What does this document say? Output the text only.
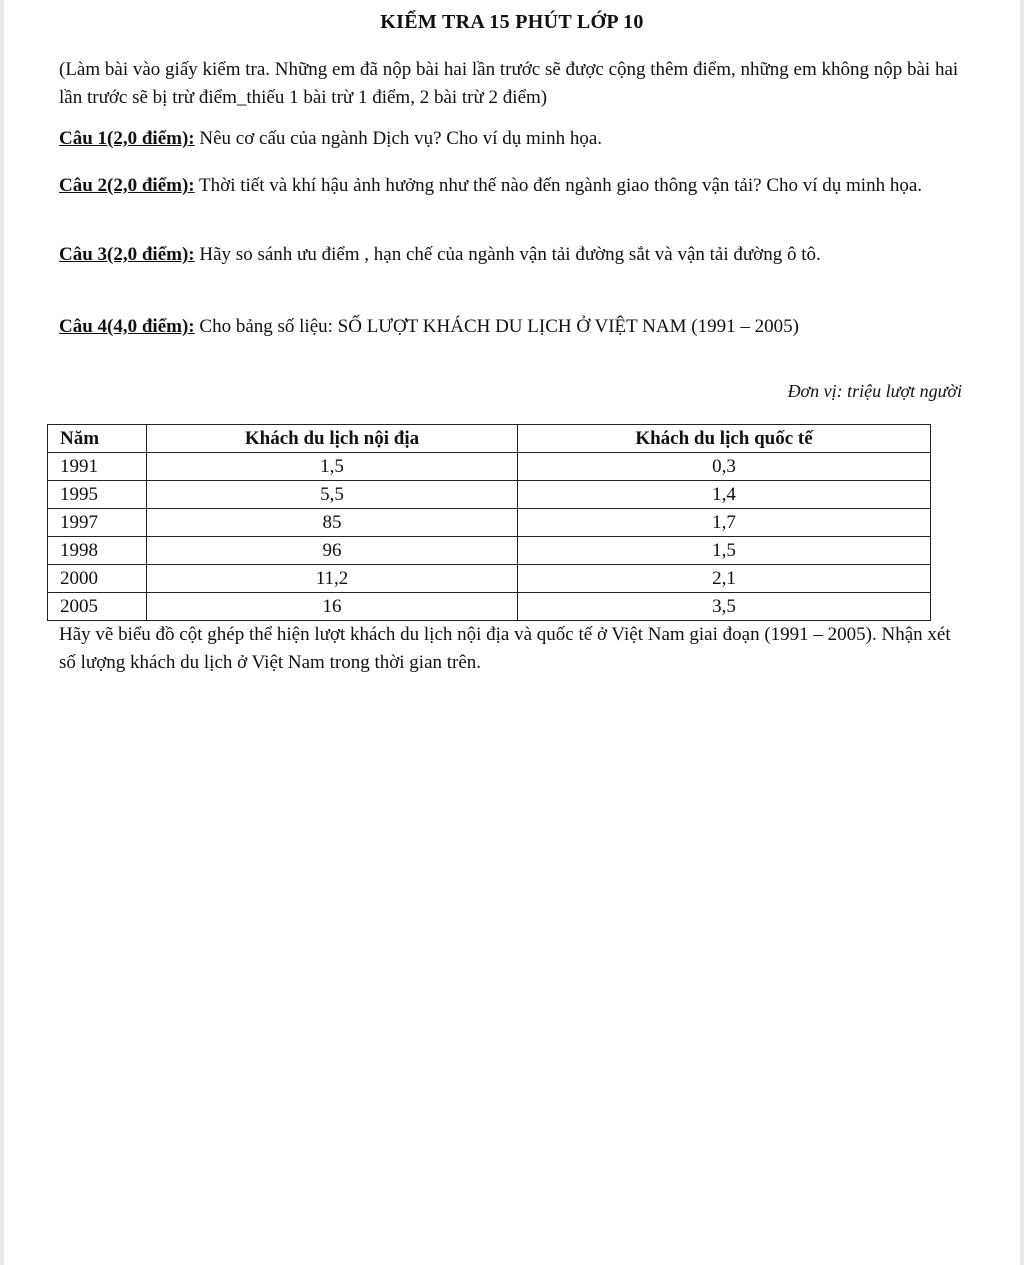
KIỂM TRA 15 PHÚT LỚP 10
(Làm bài vào giấy kiểm tra. Những em đã nộp bài hai lần trước sẽ được cộng thêm điểm, những em không nộp bài hai lần trước sẽ bị trừ điểm_thiếu 1 bài trừ 1 điểm, 2 bài trừ 2 điểm)
Câu 1(2,0 điểm): Nêu cơ cấu của ngành Dịch vụ? Cho ví dụ minh họa.
Câu 2(2,0 điểm): Thời tiết và khí hậu ảnh hưởng như thế nào đến ngành giao thông vận tải? Cho ví dụ minh họa.
Câu 3(2,0 điểm): Hãy so sánh ưu điểm , hạn chế của ngành vận tải đường sắt và vận tải đường ô tô.
Câu 4(4,0 điểm): Cho bảng số liệu: SỐ LƯỢT KHÁCH DU LỊCH Ở VIỆT NAM (1991 – 2005)
Đơn vị: triệu lượt người
Năm	Khách du lịch nội địa	Khách du lịch quốc tế
1991	1,5	0,3
1995	5,5	1,4
1997	85	1,7
1998	96	1,5
2000	11,2	2,1
2005	16	3,5
Hãy vẽ biểu đồ cột ghép thể hiện lượt khách du lịch nội địa và quốc tế ở Việt Nam giai đoạn (1991 – 2005). Nhận xét số lượng khách du lịch ở Việt Nam trong thời gian trên.
